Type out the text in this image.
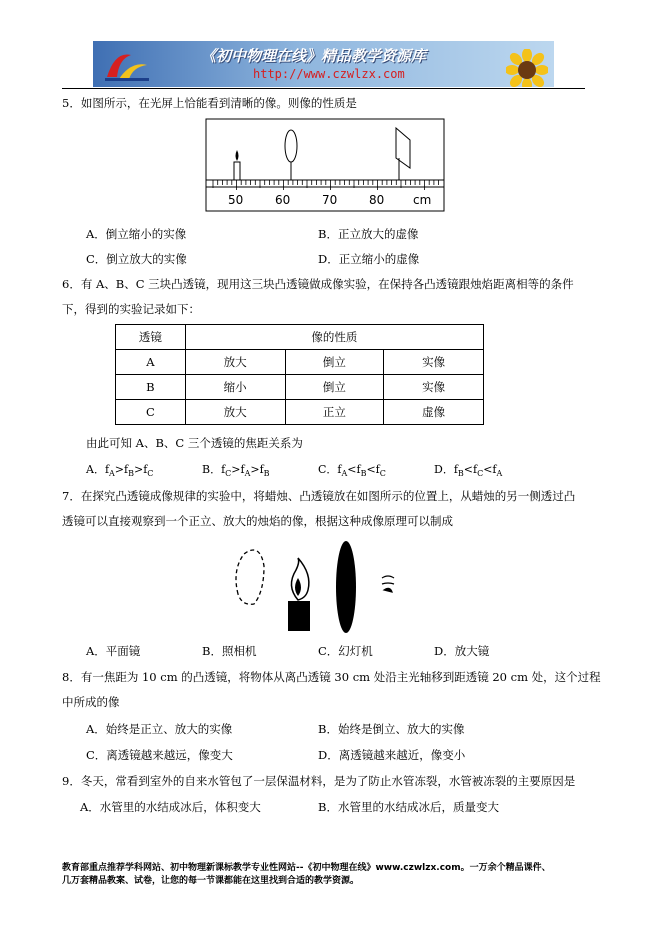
《初中物理在线》精品教学资源库
http://www.czwlzx.com
5．如图所示，在光屏上恰能看到清晰的像。则像的性质是
50	60	70	80 cm
A．倒立缩小的实像	B．正立放大的虚像
C．倒立放大的实像	D．正立缩小的虚像
6．有 A、B、C 三块凸透镜，现用这三块凸透镜做成像实验，在保持各凸透镜跟烛焰距离相等的条件
下，得到的实验记录如下：
透镜	像的性质		
A	放大	倒立	实像
B	缩小	倒立	实像
C	放大	正立	虚像
由此可知 A、B、C 三个透镜的焦距关系为
A．$f_A>f_B>f_C$	B．$f_C>f_A>f_B$	C．$f_A<f_B<f_C$	D．$f_B<f_C<f_A$
7．在探究凸透镜成像规律的实验中，将蜡烛、凸透镜放在如图所示的位置上，从蜡烛的另一侧透过凸
透镜可以直接观察到一个正立、放大的烛焰的像，根据这种成像原理可以制成
A．平面镜	B．照相机	C．幻灯机	D．放大镜
8．有一焦距为 10 cm 的凸透镜，将物体从离凸透镜 30 cm 处沿主光轴移到距透镜 20 cm 处，这个过程
中所成的像
A．始终是正立、放大的实像	B．始终是倒立、放大的实像
C．离透镜越来越远，像变大	D．离透镜越来越近，像变小
9．冬天，常看到室外的自来水管包了一层保温材料，是为了防止水管冻裂，水管被冻裂的主要原因是
A．水管里的水结成冰后，体积变大	B．水管里的水结成冰后，质量变大
教育部重点推荐学科网站、初中物理新课标教学专业性网站--《初中物理在线》www.czwlzx.com。一万余个精品课件、
几万套精品教案、试卷，让您的每一节课都能在这里找到合适的教学资源。
